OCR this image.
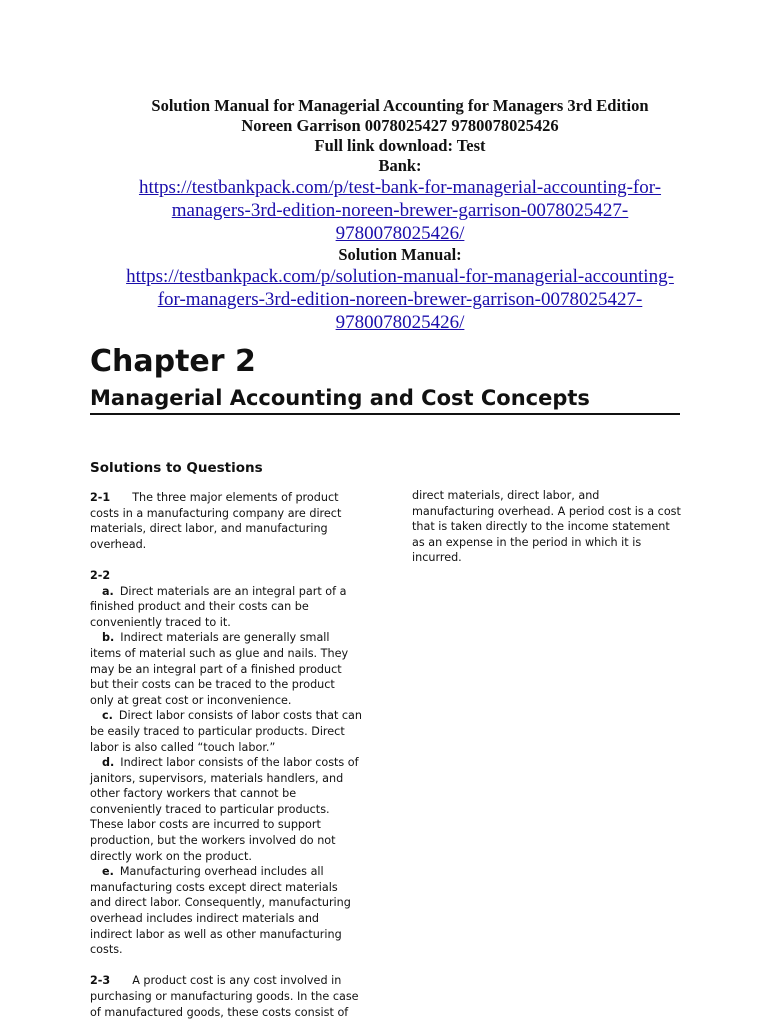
Solution Manual for Managerial Accounting for Managers 3rd Edition
Noreen Garrison 0078025427 9780078025426
Full link download: Test
Bank:
https://testbankpack.com/p/test-bank-for-managerial-accounting-for-
managers-3rd-edition-noreen-brewer-garrison-0078025427-
9780078025426/
Solution Manual:
https://testbankpack.com/p/solution-manual-for-managerial-accounting-
for-managers-3rd-edition-noreen-brewer-garrison-0078025427-
9780078025426/
Chapter 2
Managerial Accounting and Cost Concepts
Solutions to Questions

2-1 The three major elements of product costs in a manufacturing company are direct materials, direct labor, and manufacturing overhead.

2-2
a. Direct materials are an integral part of a finished product and their costs can be conveniently traced to it.
b. Indirect materials are generally small items of material such as glue and nails. They may be an integral part of a finished product but their costs can be traced to the product only at great cost or inconvenience.
c. Direct labor consists of labor costs that can be easily traced to particular products. Direct labor is also called “touch labor.”
d. Indirect labor consists of the labor costs of janitors, supervisors, materials handlers, and other factory workers that cannot be conveniently traced to particular products. These labor costs are incurred to support production, but the workers involved do not directly work on the product.
e. Manufacturing overhead includes all manufacturing costs except direct materials and direct labor. Consequently, manufacturing overhead includes indirect materials and indirect labor as well as other manufacturing costs.

2-3 A product cost is any cost involved in purchasing or manufacturing goods. In the case of manufactured goods, these costs consist of

direct materials, direct labor, and manufacturing overhead. A period cost is a cost that is taken directly to the income statement as an expense in the period in which it is incurred.
